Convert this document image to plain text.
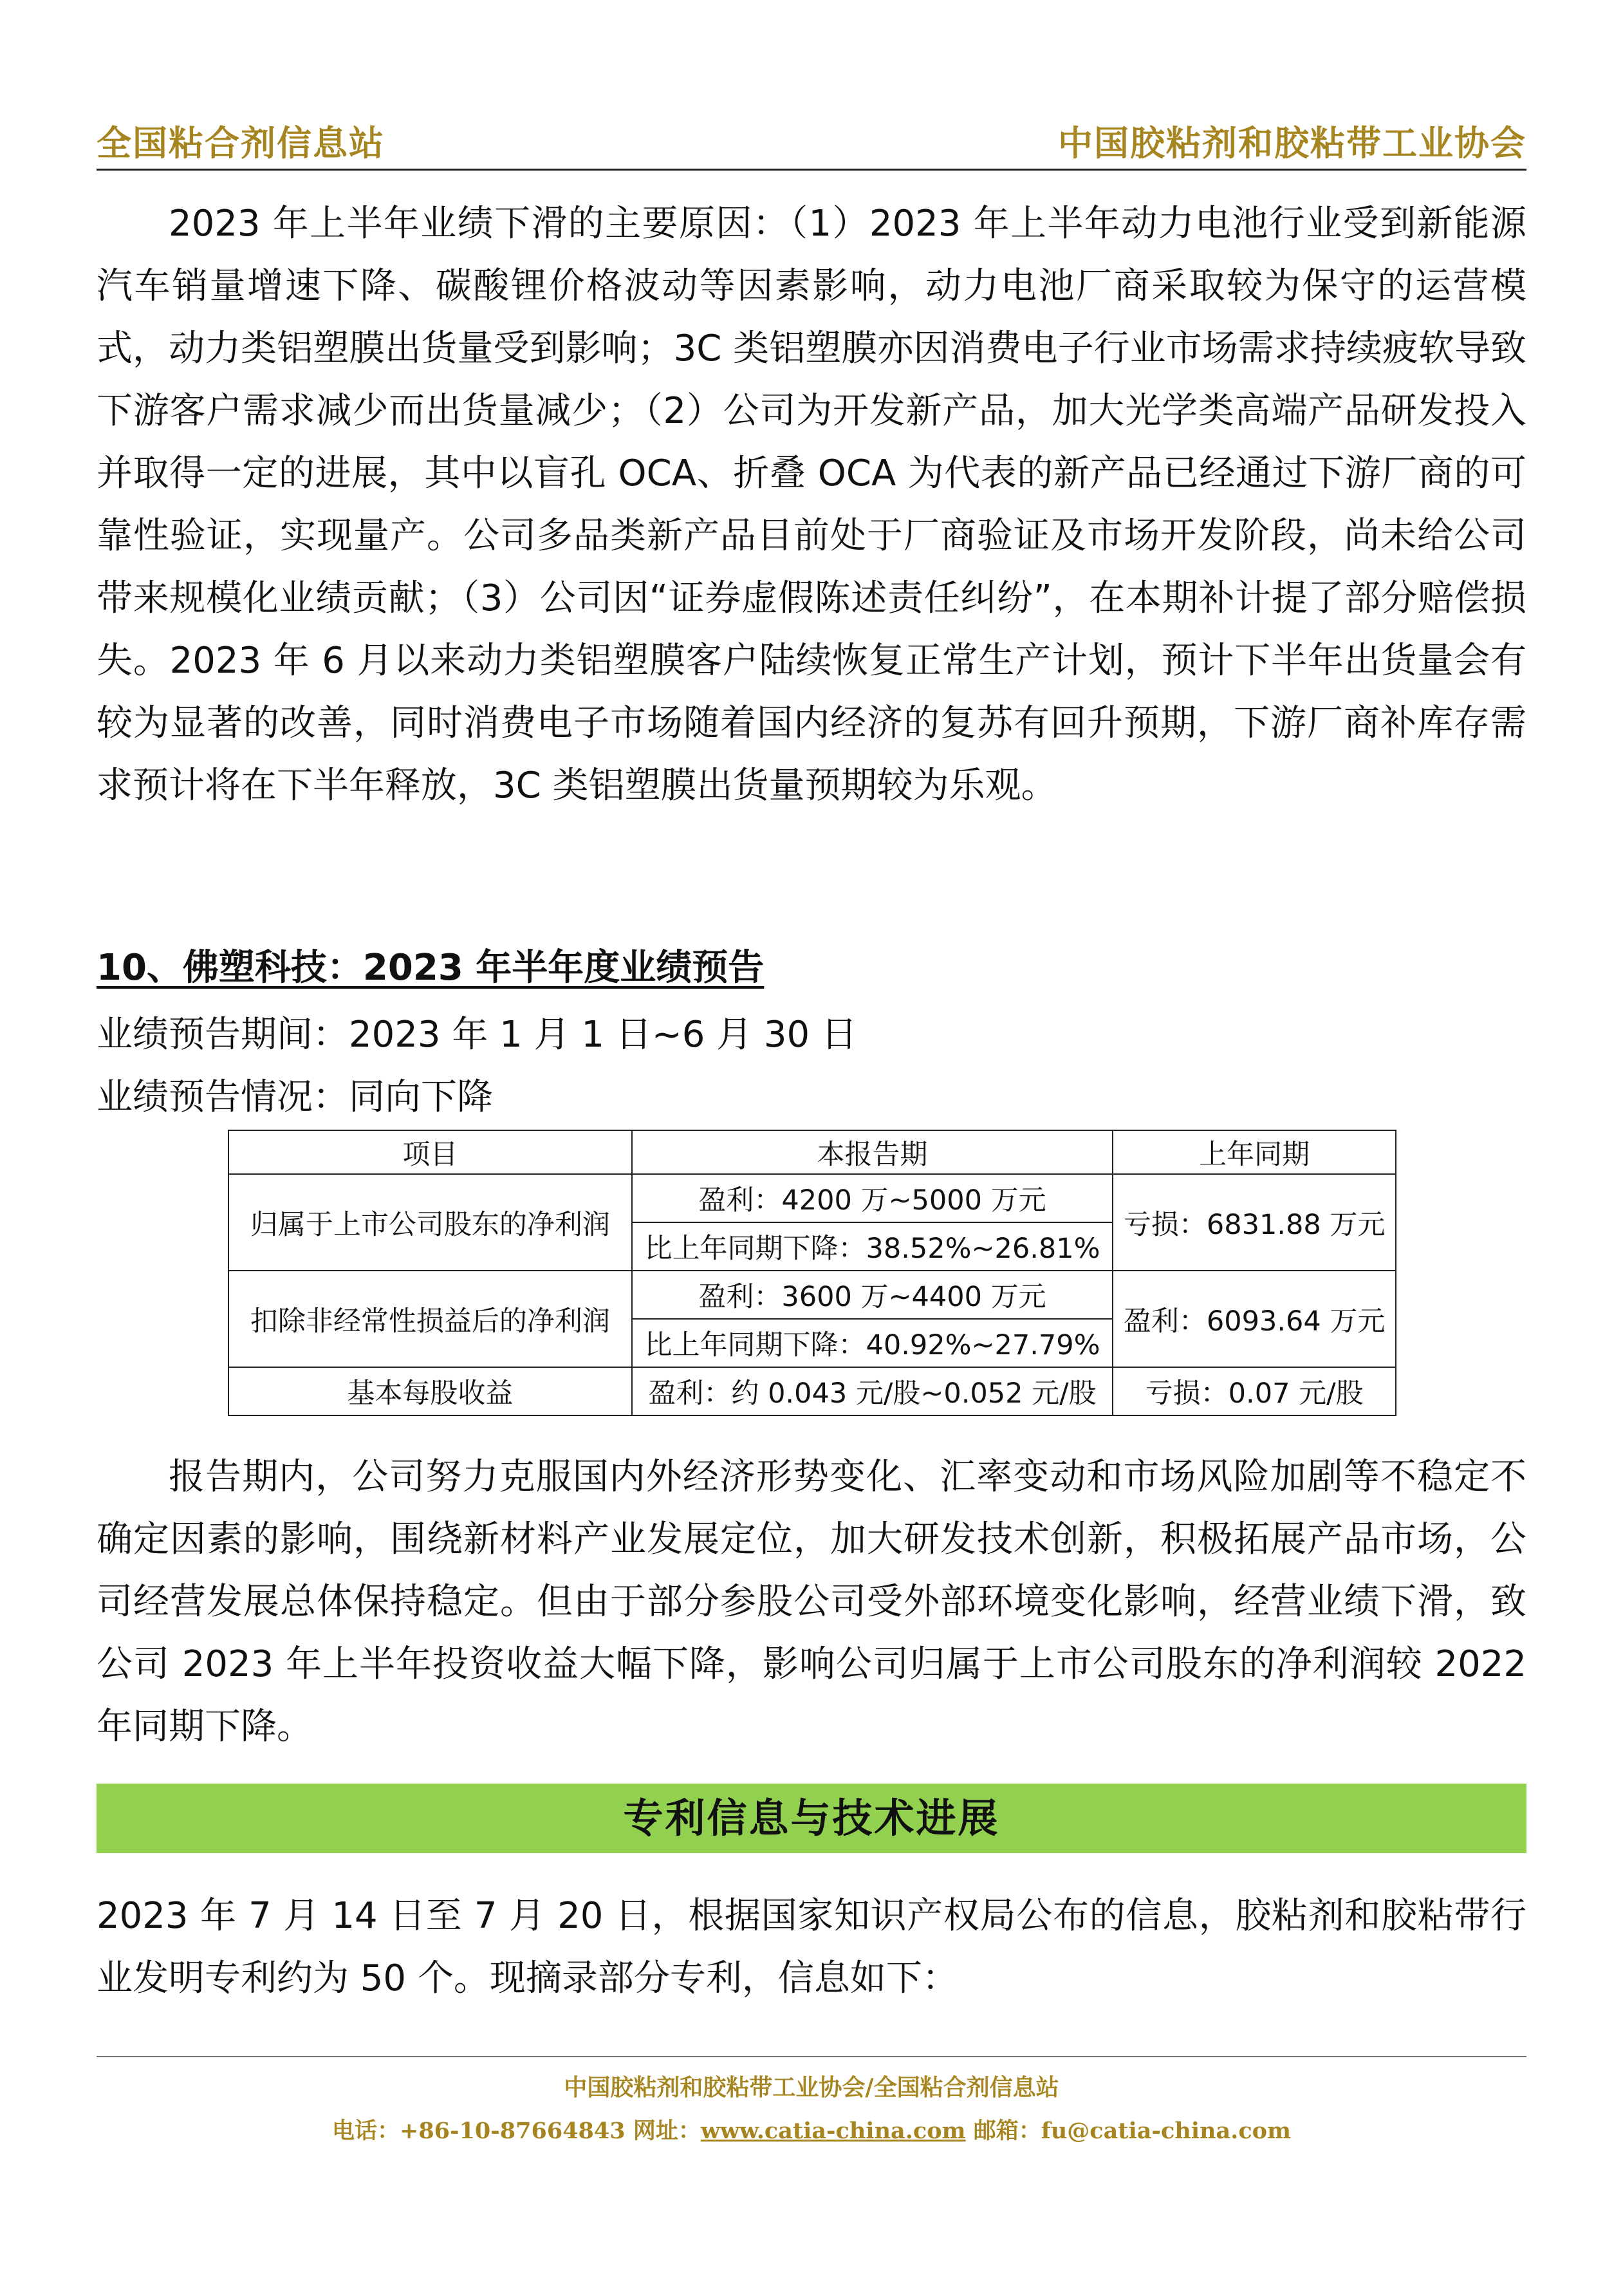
全国粘合剂信息站	中国胶粘剂和胶粘带工业协会

2023 年上半年业绩下滑的主要原因：（1）2023 年上半年动力电池行业受到新能源汽车销量增速下降、碳酸锂价格波动等因素影响，动力电池厂商采取较为保守的运营模式，动力类铝塑膜出货量受到影响；3C 类铝塑膜亦因消费电子行业市场需求持续疲软导致下游客户需求减少而出货量减少；（2）公司为开发新产品，加大光学类高端产品研发投入并取得一定的进展，其中以盲孔 OCA、折叠 OCA 为代表的新产品已经通过下游厂商的可靠性验证，实现量产。公司多品类新产品目前处于厂商验证及市场开发阶段，尚未给公司带来规模化业绩贡献；（3）公司因“证券虚假陈述责任纠纷”，在本期补计提了部分赔偿损失。2023 年 6 月以来动力类铝塑膜客户陆续恢复正常生产计划，预计下半年出货量会有较为显著的改善，同时消费电子市场随着国内经济的复苏有回升预期，下游厂商补库存需求预计将在下半年释放，3C 类铝塑膜出货量预期较为乐观。

10、佛塑科技：2023 年半年度业绩预告

业绩预告期间：2023 年 1 月 1 日~6 月 30 日

业绩预告情况：同向下降

项目	本报告期	上年同期
归属于上市公司股东的净利润	盈利：4200 万~5000 万元	亏损：6831.88 万元
	比上年同期下降：38.52%~26.81%	
扣除非经常性损益后的净利润	盈利：3600 万~4400 万元	盈利：6093.64 万元
	比上年同期下降：40.92%~27.79%	
基本每股收益	盈利：约 0.043 元/股~0.052 元/股	亏损：0.07 元/股

报告期内，公司努力克服国内外经济形势变化、汇率变动和市场风险加剧等不稳定不确定因素的影响，围绕新材料产业发展定位，加大研发技术创新，积极拓展产品市场，公司经营发展总体保持稳定。但由于部分参股公司受外部环境变化影响，经营业绩下滑，致公司 2023 年上半年投资收益大幅下降，影响公司归属于上市公司股东的净利润较 2022 年同期下降。

专利信息与技术进展

2023 年 7 月 14 日至 7 月 20 日，根据国家知识产权局公布的信息，胶粘剂和胶粘带行业发明专利约为 50 个。现摘录部分专利，信息如下：

中国胶粘剂和胶粘带工业协会/全国粘合剂信息站
电话：+86-10-87664843 网址：www.catia-china.com 邮箱：fu@catia-china.com
